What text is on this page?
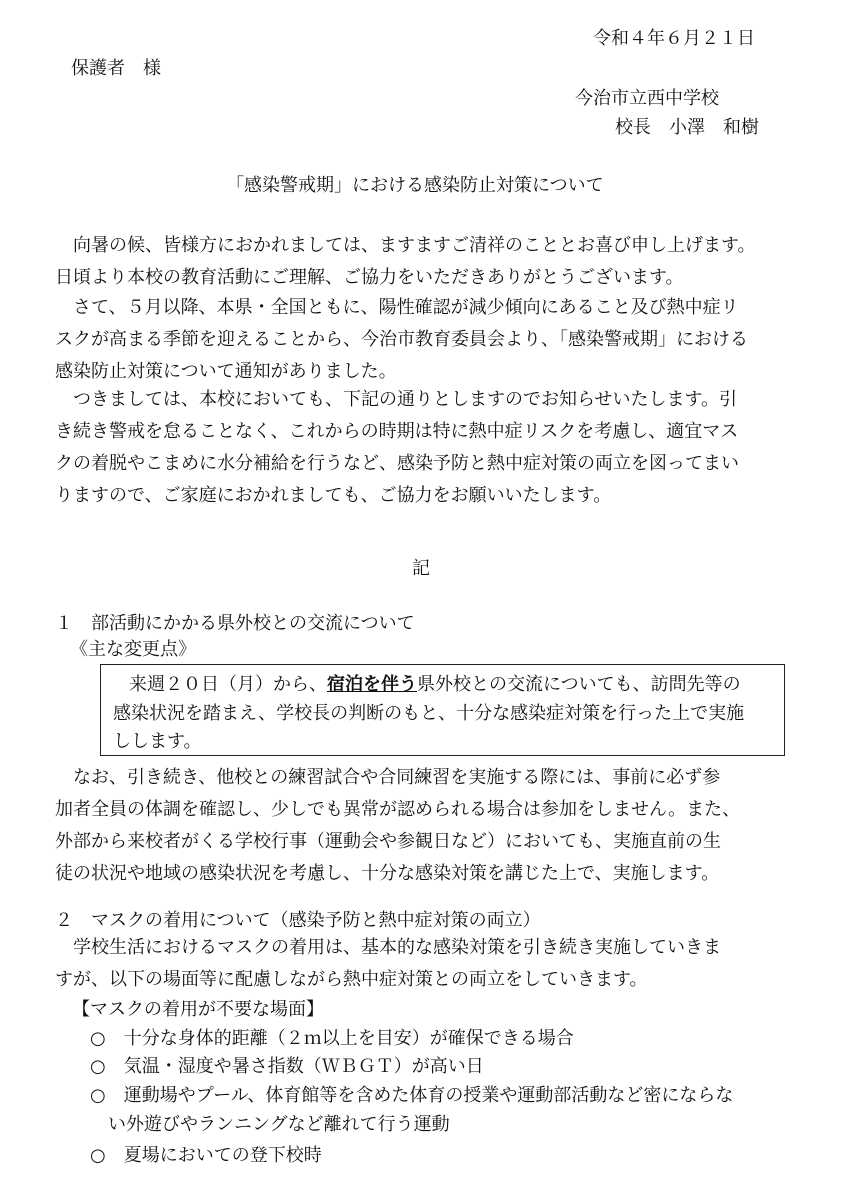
令和４年６月２１日
保護者　様
今治市立西中学校
校長　小澤　和樹
「感染警戒期」における感染防止対策について
　向暑の候、皆様方におかれましては、ますますご清祥のこととお喜び申し上げます。
日頃より本校の教育活動にご理解、ご協力をいただきありがとうございます。
　さて、５月以降、本県・全国ともに、陽性確認が減少傾向にあること及び熱中症リ
スクが高まる季節を迎えることから、今治市教育委員会より、「感染警戒期」における
感染防止対策について通知がありました。
　つきましては、本校においても、下記の通りとしますのでお知らせいたします。引
き続き警戒を怠ることなく、これからの時期は特に熱中症リスクを考慮し、適宜マス
クの着脱やこまめに水分補給を行うなど、感染予防と熱中症対策の両立を図ってまい
りますので、ご家庭におかれましても、ご協力をお願いいたします。
記
１　部活動にかかる県外校との交流について
《主な変更点》
来週２０日（月）から、宿泊を伴う県外校との交流についても、訪問先等の
感染状況を踏まえ、学校長の判断のもと、十分な感染症対策を行った上で実施
しします。
　なお、引き続き、他校との練習試合や合同練習を実施する際には、事前に必ず参
加者全員の体調を確認し、少しでも異常が認められる場合は参加をしません。また、
外部から来校者がくる学校行事（運動会や参観日など）においても、実施直前の生
徒の状況や地域の感染状況を考慮し、十分な感染対策を講じた上で、実施します。
２　マスクの着用について（感染予防と熱中症対策の両立）
　学校生活におけるマスクの着用は、基本的な感染対策を引き続き実施していきま
すが、以下の場面等に配慮しながら熱中症対策との両立をしていきます。
【マスクの着用が不要な場面】
○　十分な身体的距離（２ｍ以上を目安）が確保できる場合
○　気温・湿度や暑さ指数（ＷＢＧＴ）が高い日
○　運動場やプール、体育館等を含めた体育の授業や運動部活動など密にならな
い外遊びやランニングなど離れて行う運動
○　夏場においての登下校時
